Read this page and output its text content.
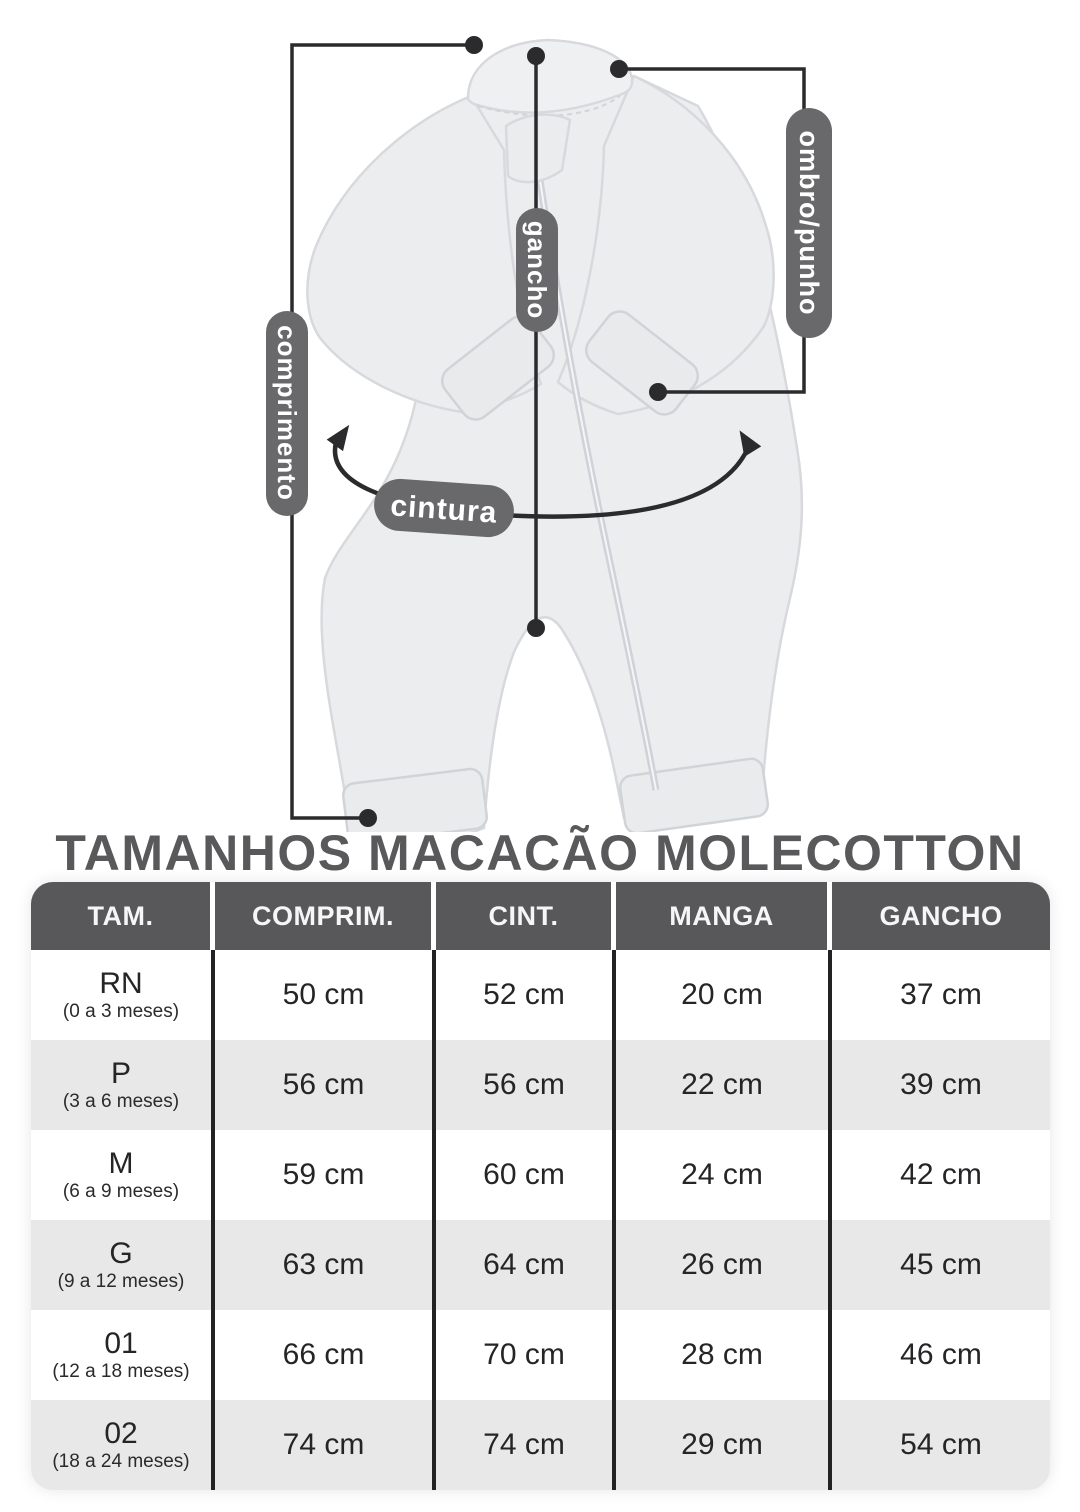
comprimento
gancho	ombro/punho
cintura
TAMANHOS MACACÃO MOLECOTTON
TAM.	COMPRIM.	CINT.	MANGA	GANCHO
RN
(0 a 3 meses)
50 cm	52 cm	20 cm	37 cm
P
(3 a 6 meses)
56 cm	56 cm	22 cm	39 cm
M
(6 a 9 meses)
59 cm	60 cm	24 cm	42 cm
G
(9 a 12 meses)
63 cm	64 cm	26 cm	45 cm
01
(12 a 18 meses)
66 cm	70 cm	28 cm	46 cm
02
(18 a 24 meses)
74 cm	74 cm	29 cm	54 cm
